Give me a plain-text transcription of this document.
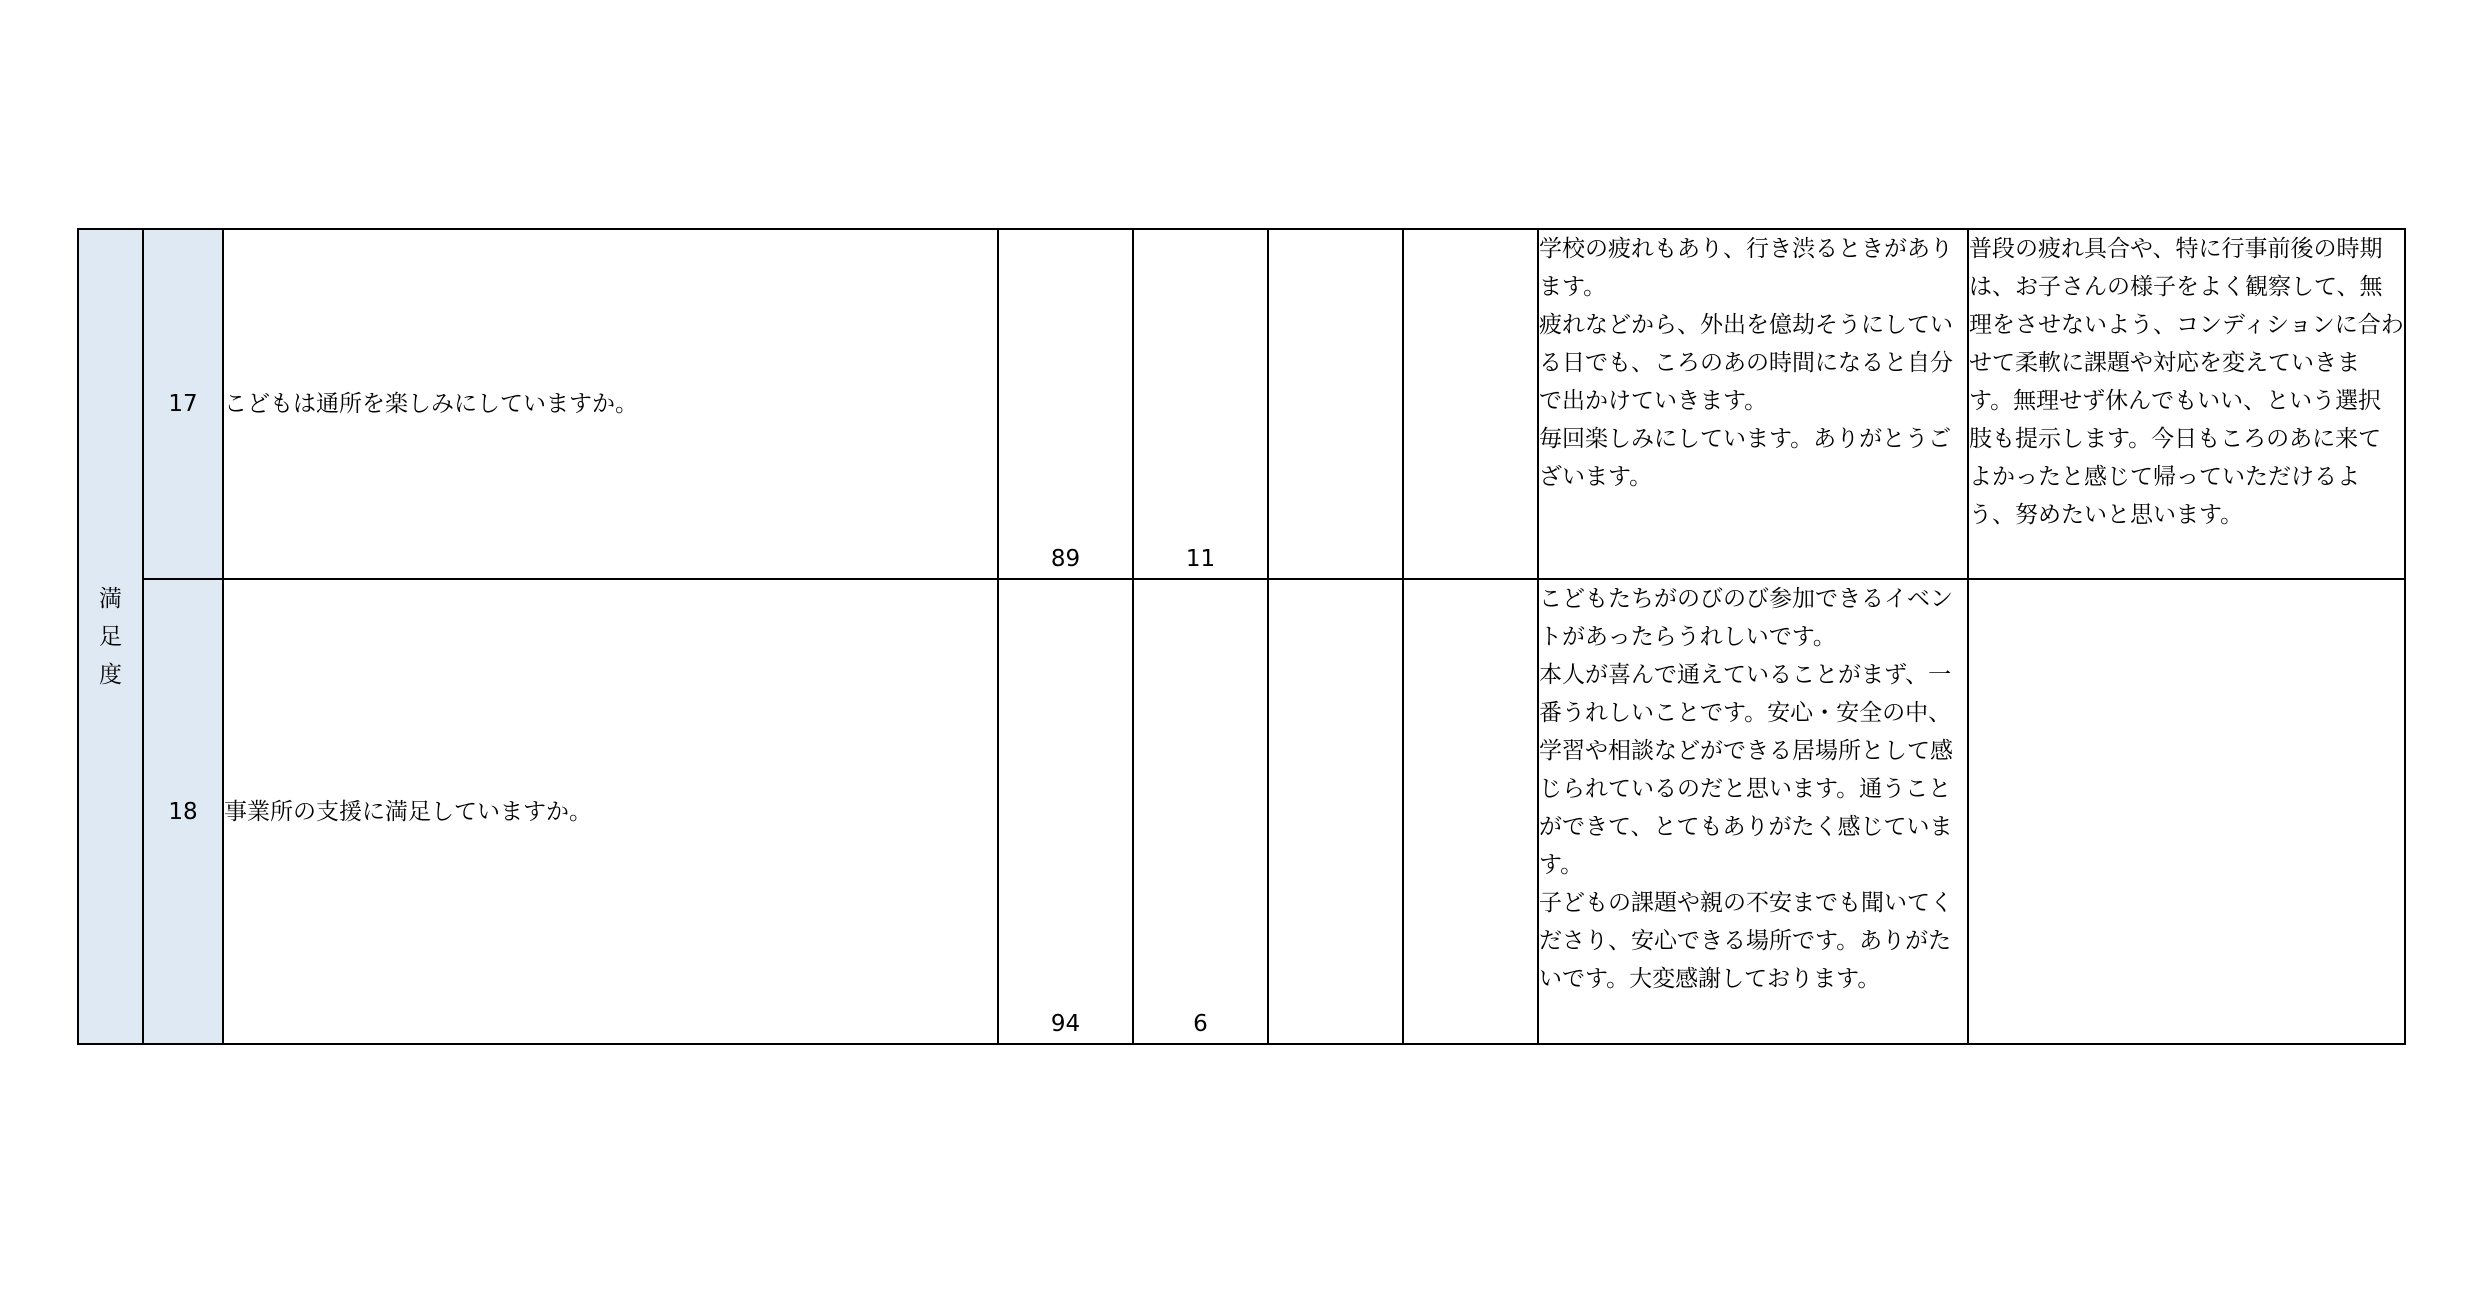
満足度	17	こどもは通所を楽しみにしていますか。	89	11			学校の疲れもあり、行き渋るときがあります。
疲れなどから、外出を億劫そうにしている日でも、ころのあの時間になると自分で出かけていきます。
毎回楽しみにしています。ありがとうございます。	普段の疲れ具合や、特に行事前後の時期は、お子さんの様子をよく観察して、無理をさせないよう、コンディションに合わせて柔軟に課題や対応を変えていきます。無理せず休んでもいい、という選択肢も提示します。今日もころのあに来てよかったと感じて帰っていただけるよう、努めたいと思います。
	18	事業所の支援に満足していますか。	94	6			こどもたちがのびのび参加できるイベントがあったらうれしいです。
本人が喜んで通えていることがまず、一番うれしいことです。安心・安全の中、学習や相談などができる居場所として感じられているのだと思います。通うことができて、とてもありがたく感じています。
子どもの課題や親の不安までも聞いてくださり、安心できる場所です。ありがたいです。大変感謝しております。	
